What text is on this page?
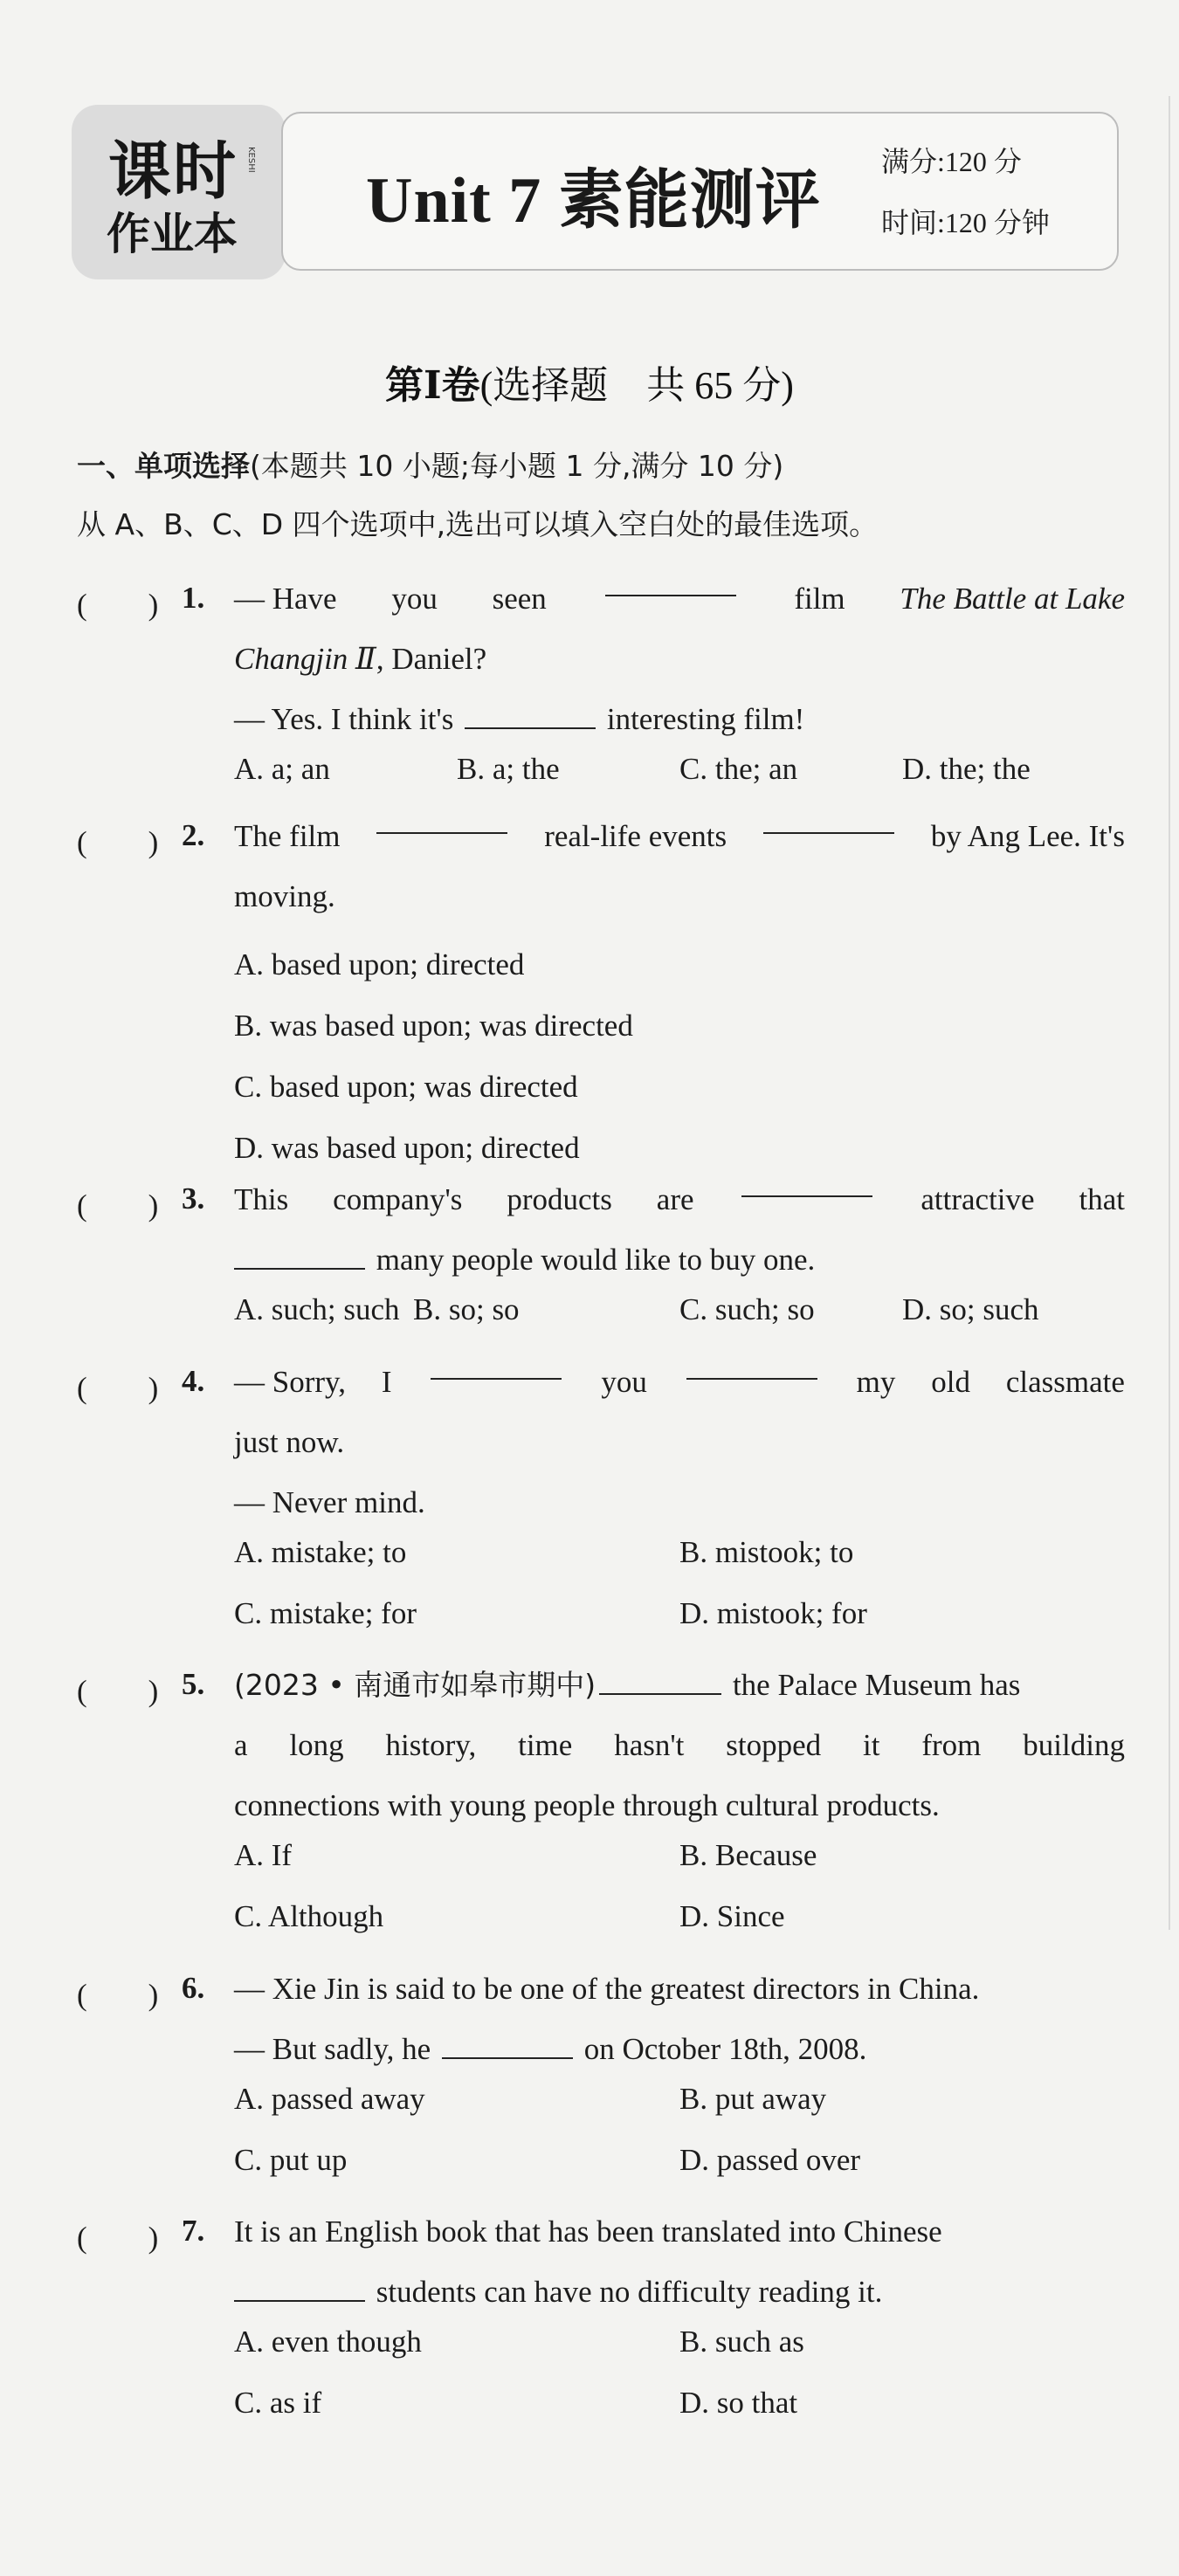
课时
作业本
KESHI
Unit 7 素能测评
满分:120 分
时间:120 分钟
第Ⅰ卷(选择题　共 65 分)
一、单项选择(本题共 10 小题;每小题 1 分,满分 10 分)
从 A、B、C、D 四个选项中,选出可以填入空白处的最佳选项。
(　　) 1. — Have you seen	film The Battle at Lake
Changjin Ⅱ, Daniel?
— Yes. I think it's	interesting film!
A. a; an	B. a; the	C. the; an	D. the; the
(　　) 2. The film	real-life events	by Ang Lee. It's
moving.
A. based upon; directed
B. was based upon; was directed
C. based upon; was directed
D. was based upon; directed
(　　) 3. This company's products are	attractive that
many people would like to buy one.
A. such; such B. so; so	C. such; so	D. so; such
(　　) 4. — Sorry, I	you	my old classmate
just now.
— Never mind.
A. mistake; to	B. mistook; to
C. mistake; for	D. mistook; for
(　　) 5. (2023 • 南通市如皋市期中)	the Palace Museum has
a long history, time hasn't stopped it from building
connections with young people through cultural products.
A. If	B. Because
C. Although	D. Since
(　　) 6. — Xie Jin is said to be one of the greatest directors in China.
— But sadly, he	on October 18th, 2008.
A. passed away	B. put away
C. put up	D. passed over
(　　) 7. It is an English book that has been translated into Chinese
students can have no difficulty reading it.
A. even though	B. such as
C. as if	D. so that
